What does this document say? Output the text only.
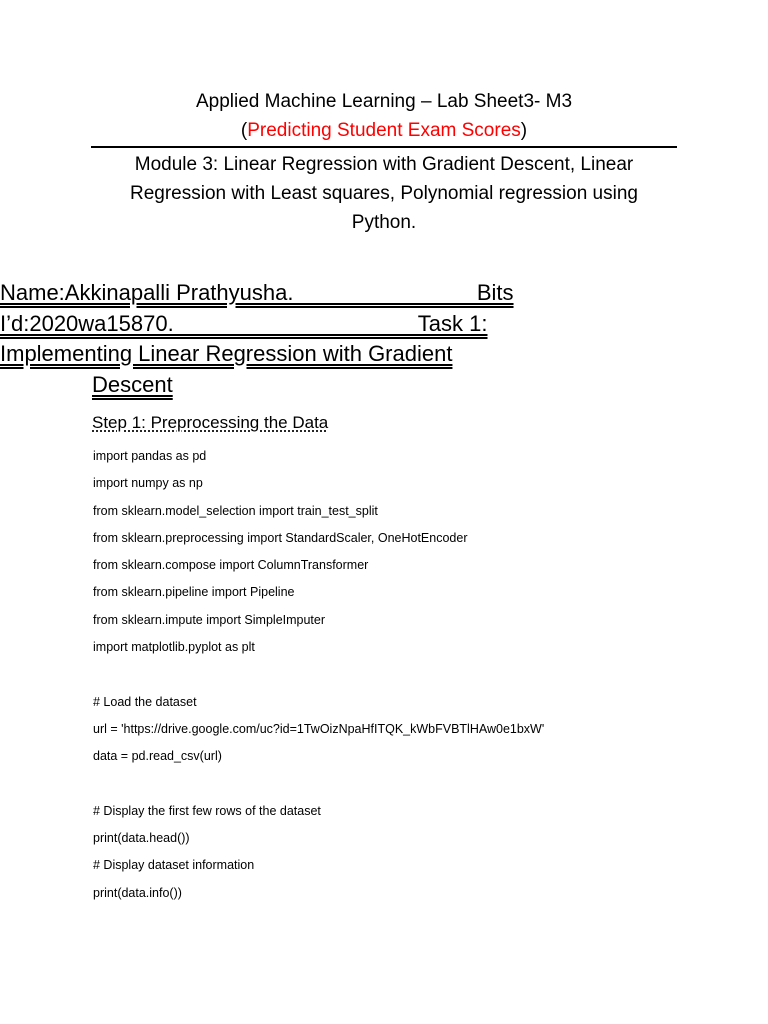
Applied Machine Learning – Lab Sheet3- M3
(Predicting Student Exam Scores)
Module 3: Linear Regression with Gradient Descent, Linear
Regression with Least squares, Polynomial regression using
Python.
Name:Akkinapalli Prathyusha.                              Bits
I’d:2020wa15870.                                        Task 1:
Implementing Linear Regression with Gradient
Descent
Step 1: Preprocessing the Data
import pandas as pd
import numpy as np
from sklearn.model_selection import train_test_split
from sklearn.preprocessing import StandardScaler, OneHotEncoder
from sklearn.compose import ColumnTransformer
from sklearn.pipeline import Pipeline
from sklearn.impute import SimpleImputer
import matplotlib.pyplot as plt
# Load the dataset
url = 'https://drive.google.com/uc?id=1TwOizNpaHfITQK_kWbFVBTlHAw0e1bxW'
data = pd.read_csv(url)
# Display the first few rows of the dataset
print(data.head())
# Display dataset information
print(data.info())
